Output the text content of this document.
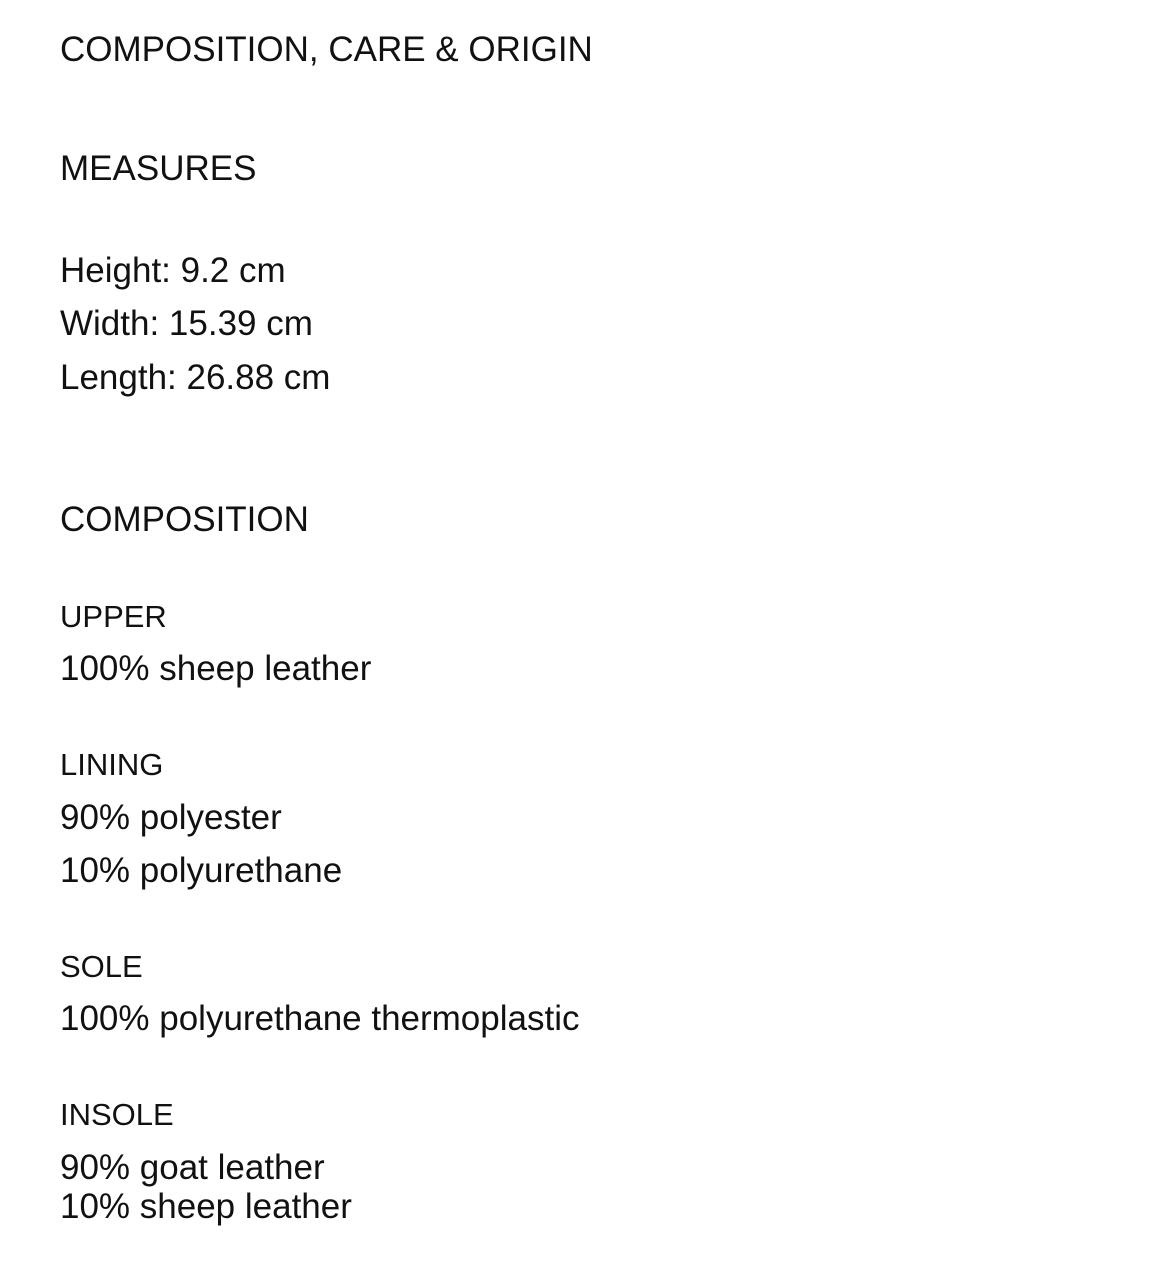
COMPOSITION, CARE & ORIGIN
MEASURES
Height: 9.2 cm
Width: 15.39 cm
Length: 26.88 cm
COMPOSITION
UPPER
100% sheep leather
LINING
90% polyester
10% polyurethane
SOLE
100% polyurethane thermoplastic
INSOLE
90% goat leather
10% sheep leather
